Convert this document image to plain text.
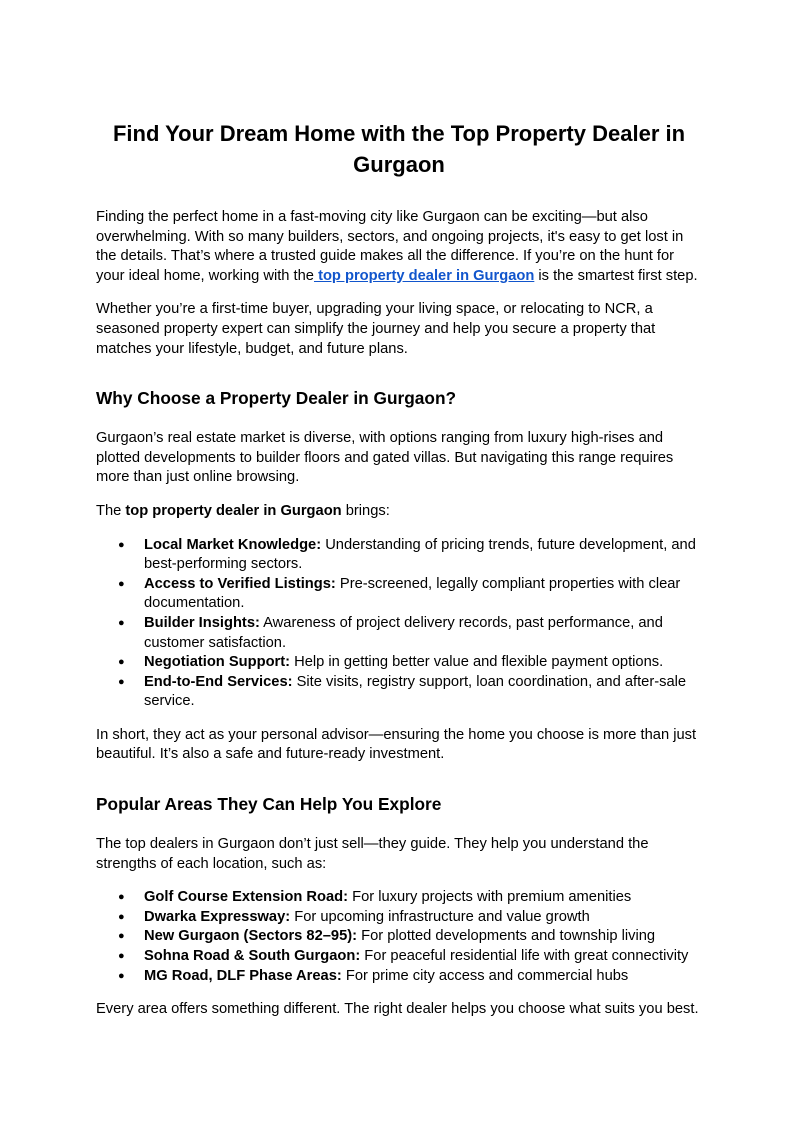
Find Your Dream Home with the Top Property Dealer in Gurgaon

Finding the perfect home in a fast-moving city like Gurgaon can be exciting—but also overwhelming. With so many builders, sectors, and ongoing projects, it's easy to get lost in the details. That’s where a trusted guide makes all the difference. If you’re on the hunt for your ideal home, working with the top property dealer in Gurgaon is the smartest first step.

Whether you’re a first-time buyer, upgrading your living space, or relocating to NCR, a seasoned property expert can simplify the journey and help you secure a property that matches your lifestyle, budget, and future plans.

Why Choose a Property Dealer in Gurgaon?

Gurgaon’s real estate market is diverse, with options ranging from luxury high-rises and plotted developments to builder floors and gated villas. But navigating this range requires more than just online browsing.

The top property dealer in Gurgaon brings:

● Local Market Knowledge: Understanding of pricing trends, future development, and best-performing sectors.
● Access to Verified Listings: Pre-screened, legally compliant properties with clear documentation.
● Builder Insights: Awareness of project delivery records, past performance, and customer satisfaction.
● Negotiation Support: Help in getting better value and flexible payment options.
● End-to-End Services: Site visits, registry support, loan coordination, and after-sale service.

In short, they act as your personal advisor—ensuring the home you choose is more than just beautiful. It’s also a safe and future-ready investment.

Popular Areas They Can Help You Explore

The top dealers in Gurgaon don’t just sell—they guide. They help you understand the strengths of each location, such as:

● Golf Course Extension Road: For luxury projects with premium amenities
● Dwarka Expressway: For upcoming infrastructure and value growth
● New Gurgaon (Sectors 82–95): For plotted developments and township living
● Sohna Road & South Gurgaon: For peaceful residential life with great connectivity
● MG Road, DLF Phase Areas: For prime city access and commercial hubs

Every area offers something different. The right dealer helps you choose what suits you best.
